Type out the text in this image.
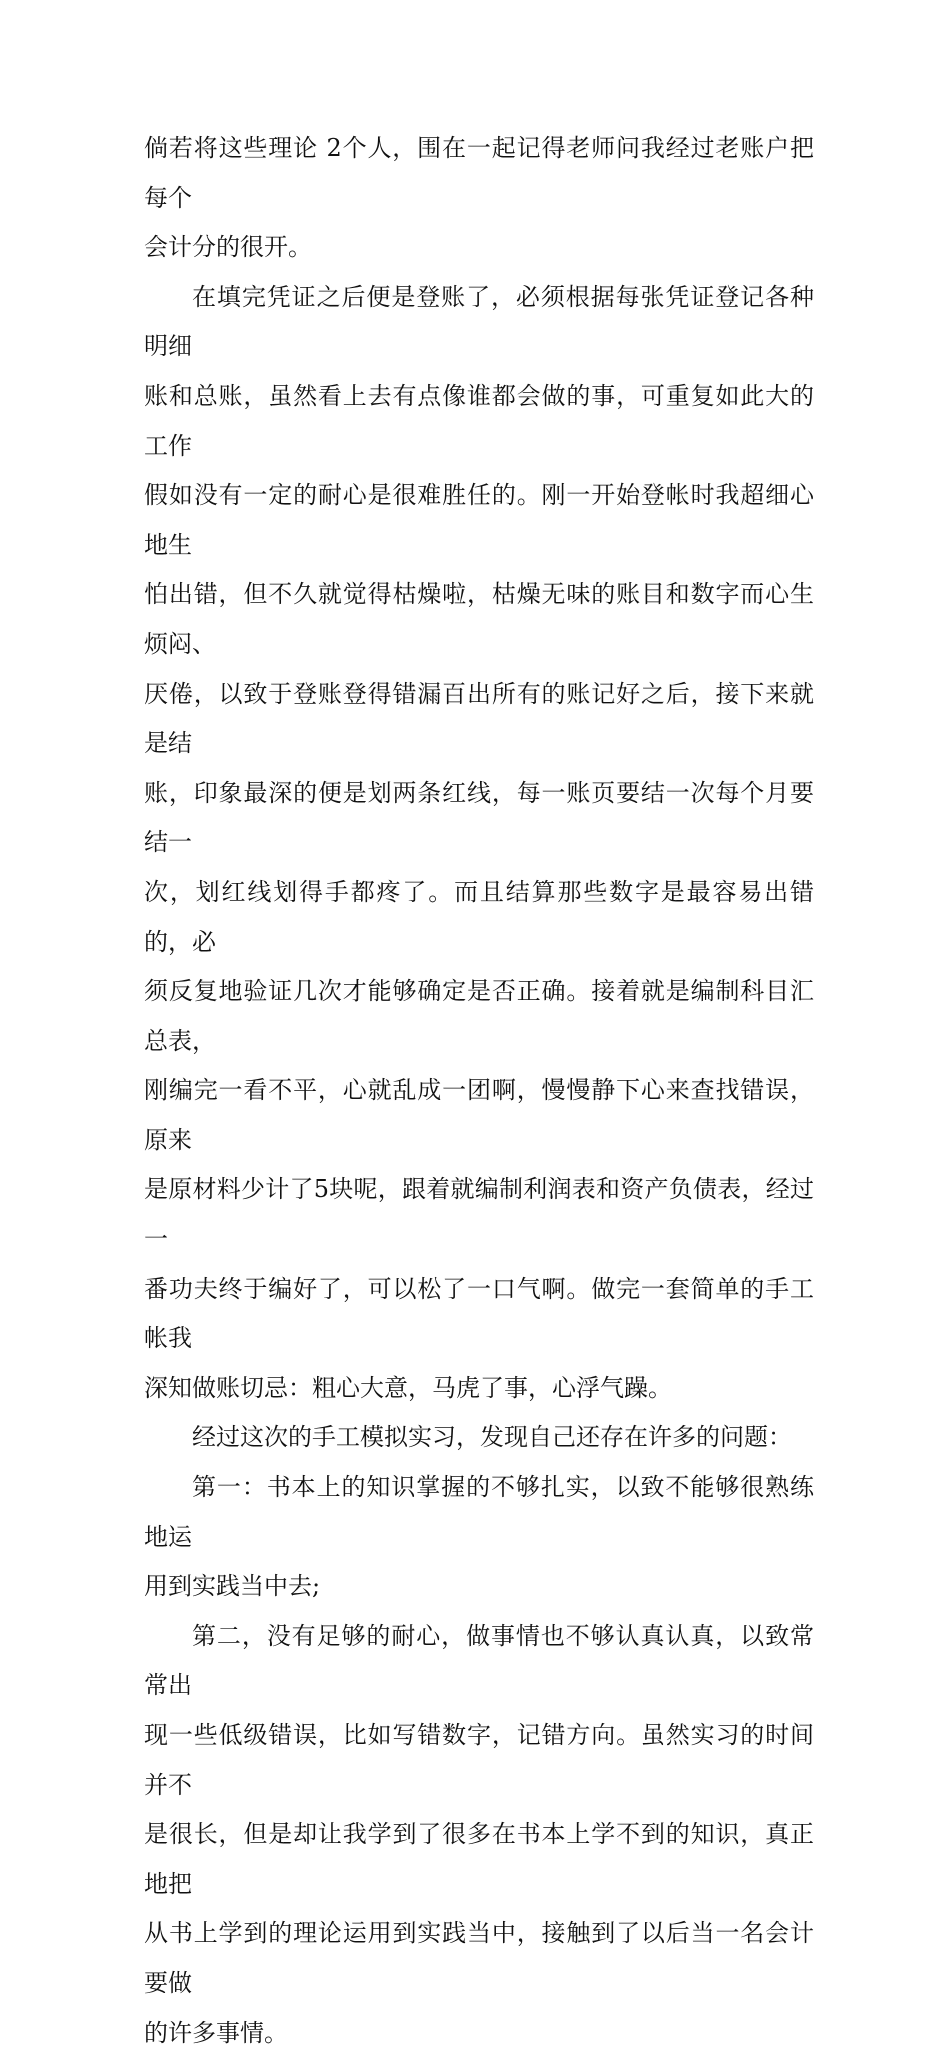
倘若将这些理论 2个人，围在一起记得老师问我经过老账户把每个
会计分的很开。

在填完凭证之后便是登账了，必须根据每张凭证登记各种明细
账和总账，虽然看上去有点像谁都会做的事，可重复如此大的工作
假如没有一定的耐心是很难胜任的。刚一开始登帐时我超细心地生
怕出错，但不久就觉得枯燥啦，枯燥无味的账目和数字而心生烦闷、
厌倦，以致于登账登得错漏百出所有的账记好之后，接下来就是结
账，印象最深的便是划两条红线，每一账页要结一次每个月要结一
次，划红线划得手都疼了。而且结算那些数字是最容易出错的，必
须反复地验证几次才能够确定是否正确。接着就是编制科目汇总表，
刚编完一看不平，心就乱成一团啊，慢慢静下心来查找错误，原来
是原材料少计了5块呢，跟着就编制利润表和资产负债表，经过一
番功夫终于编好了，可以松了一口气啊。做完一套简单的手工帐我
深知做账切忌：粗心大意，马虎了事，心浮气躁。

经过这次的手工模拟实习，发现自己还存在许多的问题：

第一：书本上的知识掌握的不够扎实，以致不能够很熟练地运
用到实践当中去;

第二，没有足够的耐心，做事情也不够认真认真，以致常常出
现一些低级错误，比如写错数字，记错方向。虽然实习的时间并不
是很长，但是却让我学到了很多在书本上学不到的知识，真正地把
从书上学到的理论运用到实践当中，接触到了以后当一名会计要做
的许多事情。
